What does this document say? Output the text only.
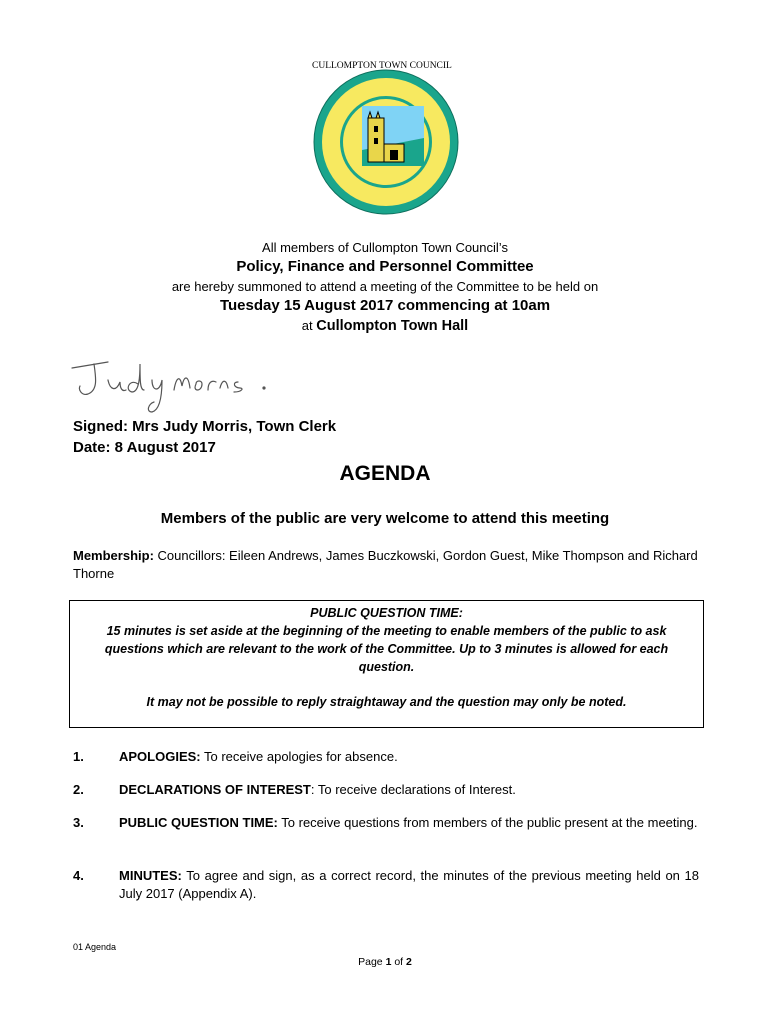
CULLOMPTON TOWN COUNCIL
All members of Cullompton Town Council’s
Policy, Finance and Personnel Committee
are hereby summoned to attend a meeting of the Committee to be held on
Tuesday 15 August 2017 commencing at 10am
at Cullompton Town Hall
Signed: Mrs Judy Morris, Town Clerk
Date: 8 August 2017
AGENDA
Members of the public are very welcome to attend this meeting
Membership: Councillors: Eileen Andrews, James Buczkowski, Gordon Guest, Mike Thompson and Richard Thorne
PUBLIC QUESTION TIME:
15 minutes is set aside at the beginning of the meeting to enable members of the public to ask
questions which are relevant to the work of the Committee. Up to 3 minutes is allowed for each
question.
It may not be possible to reply straightaway and the question may only be noted.
1.	APOLOGIES: To receive apologies for absence.
2.	DECLARATIONS OF INTEREST: To receive declarations of Interest.
3.	PUBLIC QUESTION TIME: To receive questions from members of the public present at the meeting.
4.	MINUTES: To agree and sign, as a correct record, the minutes of the previous meeting held on 18 July 2017 (Appendix A).
01 Agenda
Page 1 of 2
